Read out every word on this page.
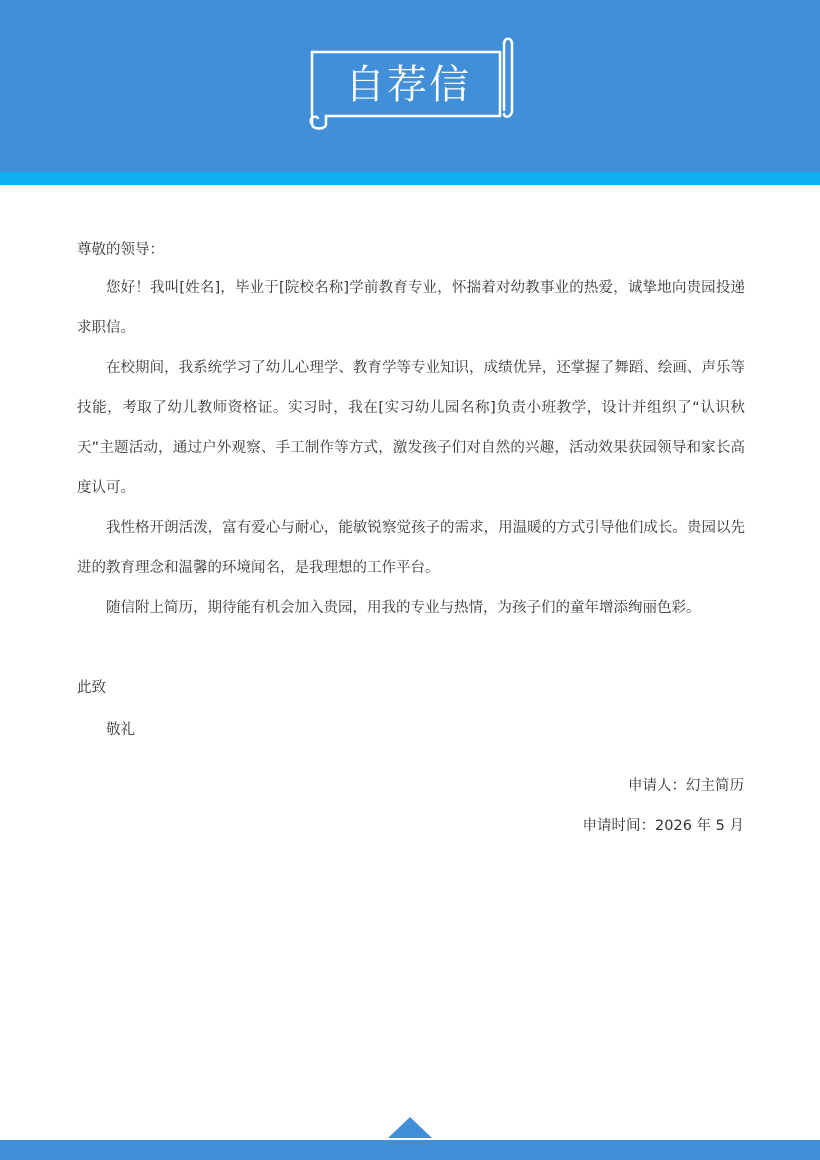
自荐信

尊敬的领导：

您好！我叫[姓名]，毕业于[院校名称]学前教育专业，怀揣着对幼教事业的热爱，诚挚地向贵园投递求职信。

在校期间，我系统学习了幼儿心理学、教育学等专业知识，成绩优异，还掌握了舞蹈、绘画、声乐等技能，考取了幼儿教师资格证。实习时，我在[实习幼儿园名称]负责小班教学，设计并组织了“认识秋天”主题活动，通过户外观察、手工制作等方式，激发孩子们对自然的兴趣，活动效果获园领导和家长高度认可。

我性格开朗活泼，富有爱心与耐心，能敏锐察觉孩子的需求，用温暖的方式引导他们成长。贵园以先进的教育理念和温馨的环境闻名，是我理想的工作平台。

随信附上简历，期待能有机会加入贵园，用我的专业与热情，为孩子们的童年增添绚丽色彩。

此致
敬礼
申请人：幻主简历
申请时间：2026 年 5 月
